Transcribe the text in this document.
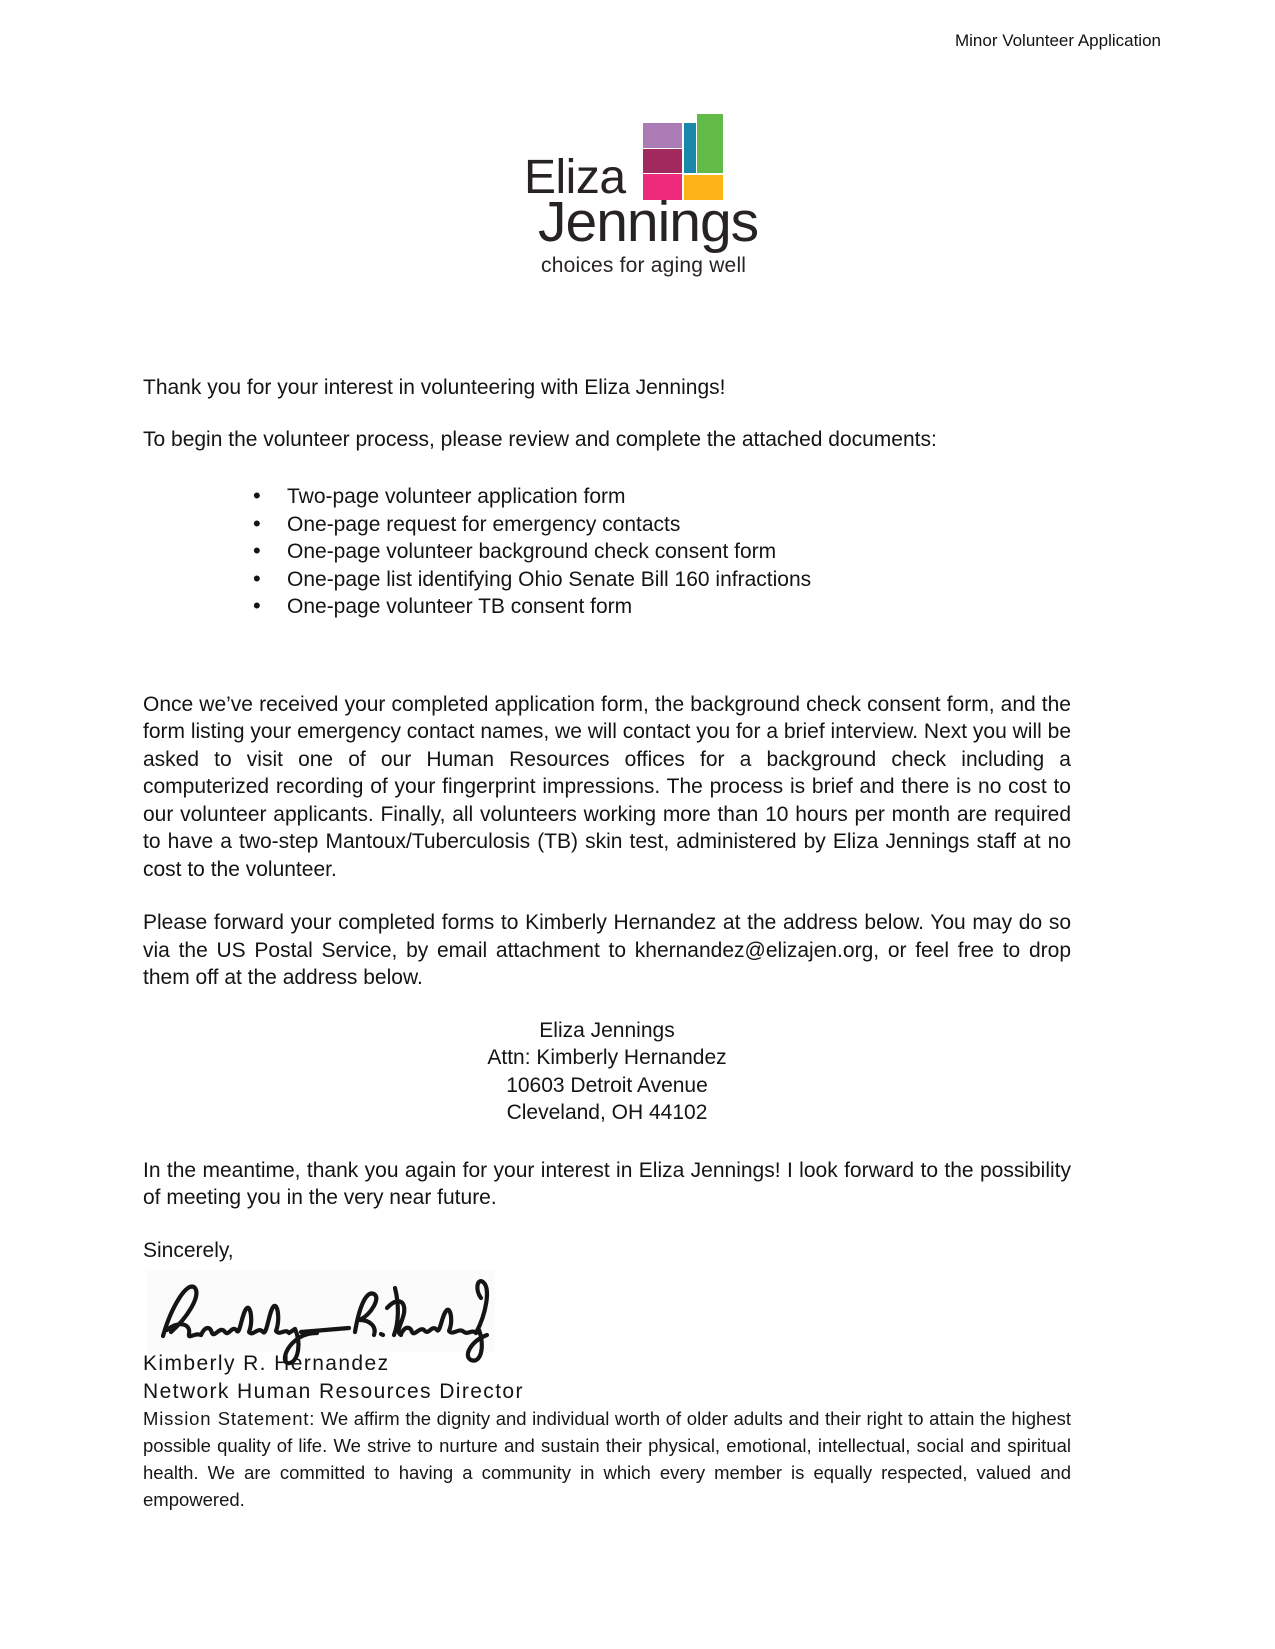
Minor Volunteer Application
Eliza
Jennings
choices for aging well

Thank you for your interest in volunteering with Eliza Jennings!

To begin the volunteer process, please review and complete the attached documents:

• Two-page volunteer application form
• One-page request for emergency contacts
• One-page volunteer background check consent form
• One-page list identifying Ohio Senate Bill 160 infractions
• One-page volunteer TB consent form

Once we’ve received your completed application form, the background check consent form, and the form listing your emergency contact names, we will contact you for a brief interview. Next you will be asked to visit one of our Human Resources offices for a background check including a computerized recording of your fingerprint impressions. The process is brief and there is no cost to our volunteer applicants. Finally, all volunteers working more than 10 hours per month are required to have a two-step Mantoux/Tuberculosis (TB) skin test, administered by Eliza Jennings staff at no cost to the volunteer.

Please forward your completed forms to Kimberly Hernandez at the address below. You may do so via the US Postal Service, by email attachment to khernandez@elizajen.org, or feel free to drop them off at the address below.

Eliza Jennings
Attn: Kimberly Hernandez
10603 Detroit Avenue
Cleveland, OH 44102

In the meantime, thank you again for your interest in Eliza Jennings! I look forward to the possibility of meeting you in the very near future.

Sincerely,

Kimberly R. Hernandez
Network Human Resources Director

Mission Statement: We affirm the dignity and individual worth of older adults and their right to attain the highest possible quality of life. We strive to nurture and sustain their physical, emotional, intellectual, social and spiritual health. We are committed to having a community in which every member is equally respected, valued and empowered.
